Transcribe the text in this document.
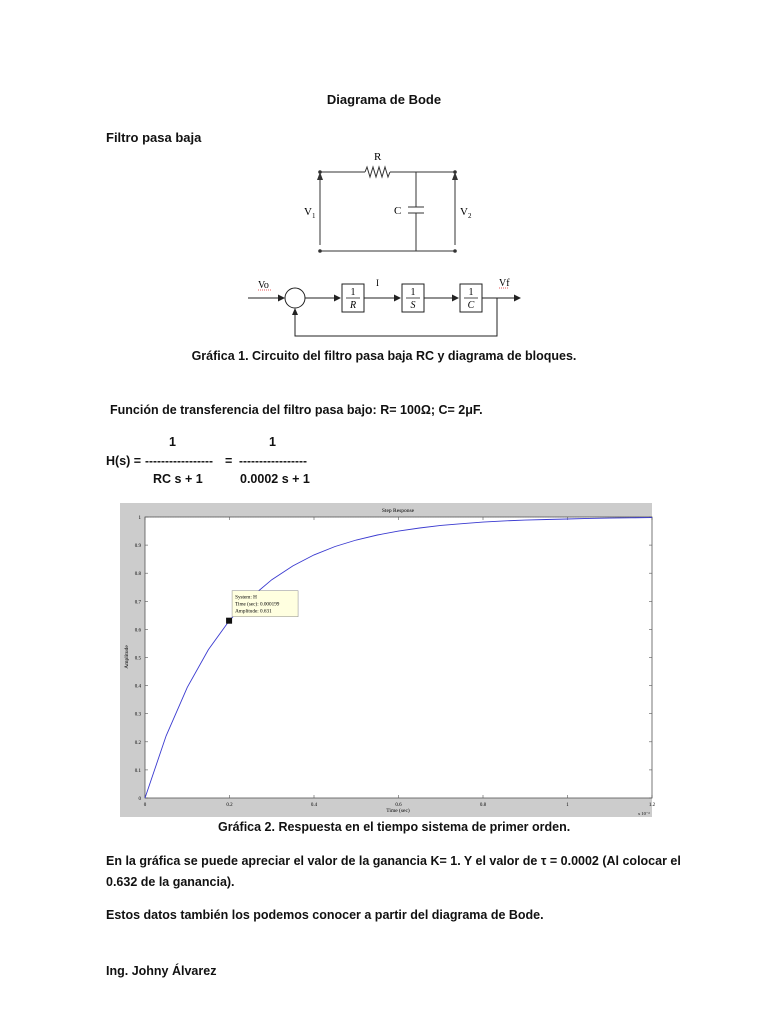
Diagrama de Bode
Filtro pasa baja
R
C
$V_1$	$V_2$
1
R
1
S
1
C
Vo	I	Vf
Gráfica 1. Circuito del filtro pasa baja RC y diagrama de bloques.
Función de transferencia del filtro pasa bajo: R= 100Ω; C= 2μF.
1	1
H(s) = ----------------- = -----------------
RC s + 1	0.0002 s + 1
Step Response
Time (sec)
Amplitude
x 10⁻³
0	0.2	0.4	0.6	0.8	1	1.2
0
0.1
0.2
0.3
0.4
0.5
0.6
0.7
0.8
0.9
1
System: H
Time (sec): 0.000199
Amplitude: 0.631
Gráfica 2. Respuesta en el tiempo sistema de primer orden.
En la gráfica se puede apreciar el valor de la ganancia K= 1. Y el valor de τ = 0.0002 (Al colocar el
0.632 de la ganancia).
Estos datos también los podemos conocer a partir del diagrama de Bode.
Ing. Johny Álvarez
